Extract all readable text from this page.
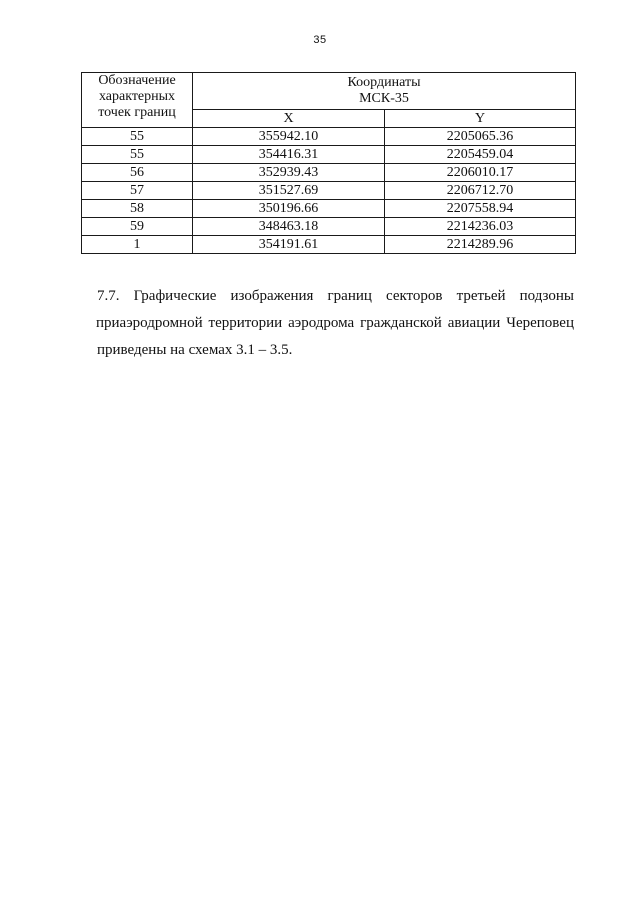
35
Обозначение
характерных
точек границ	Координаты
МСК-35	

	X	Y
55	355942.10	2205065.36
55	354416.31	2205459.04
56	352939.43	2206010.17
57	351527.69	2206712.70
58	350196.66	2207558.94
59	348463.18	2214236.03
1	354191.61	2214289.96
7.7. Графические изображения границ секторов третьей подзоны
приаэродромной территории аэродрома гражданской авиации Череповец
приведены на схемах 3.1 – 3.5.
